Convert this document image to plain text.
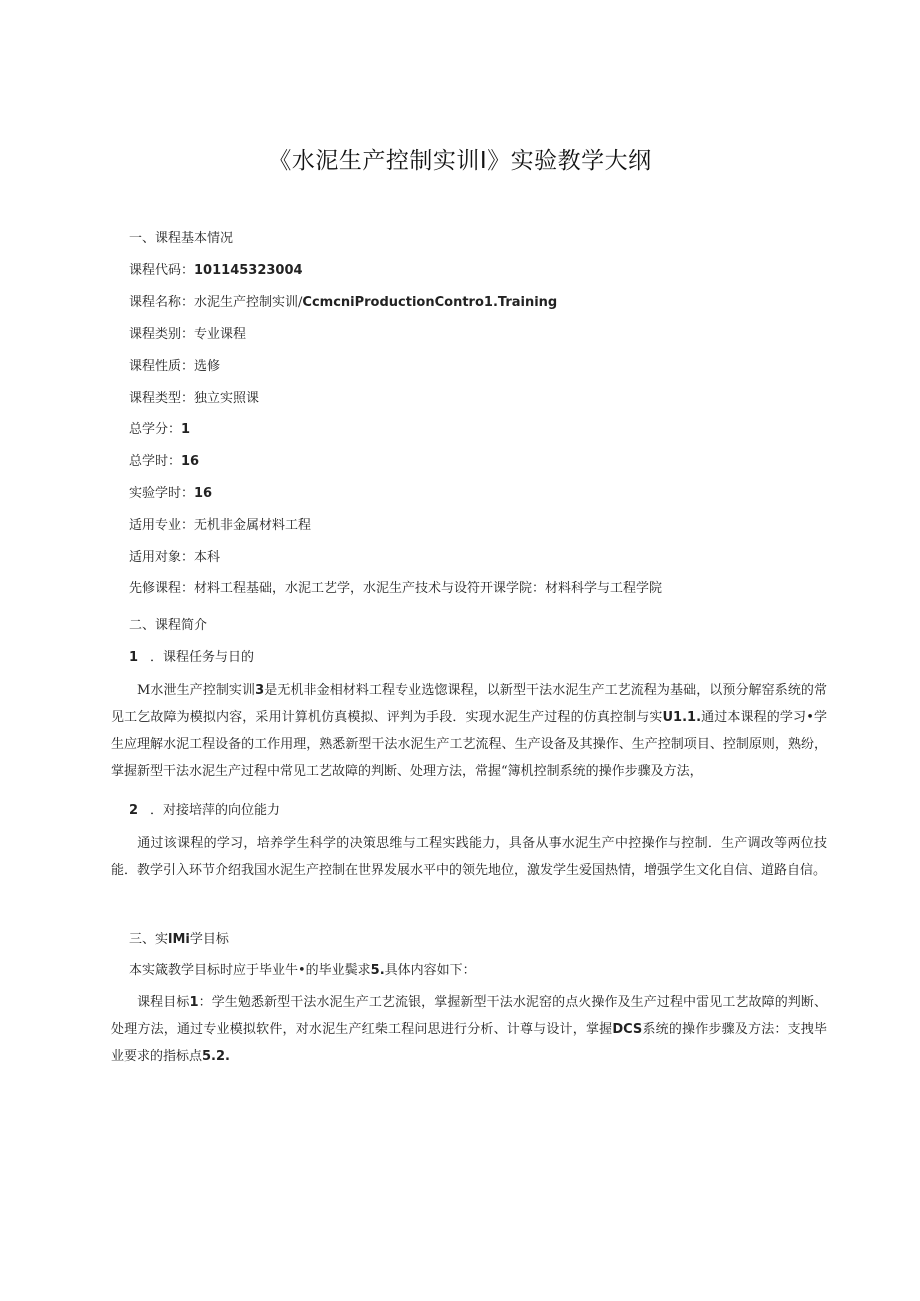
《水泥生产控制实训Ⅰ》实验教学大纲
一、课程基本情况
课程代码：101145323004
课程名称：水泥生产控制实训/CcmcniProductionContro1.Training
课程类别：专业课程
课程性质：选修
课程类型：独立实照课
总学分：1
总学时：16
实验学时：16
适用专业：无机非金属材料工程
适用对象：本科
先修课程：材料工程基础，水泥工艺学，水泥生产技术与设符开课学院：材料科学与工程学院
二、课程简介
1 ．课程任务与日的
M水泄生产控制实训3是无机非金相材料工程专业选惚课程，以新型干法水泥生产工艺流程为基础，以预分解窑系统的常见工乞故障为模拟内容，采用计算机仿真模拟、评判为手段．实现水泥生产过程的仿真控制与实U1.1.通过本课程的学习•学生应理解水泥工程设备的工作用理，熟悉新型干法水泥生产工艺流程、生产设备及其操作、生产控制项目、控制原则，熟纷，掌握新型干法水泥生产过程中常见工艺故障的判断、处理方法，常握“簿机控制系统的操作步骤及方法，
2 ．对接培萍的向位能力
通过该课程的学习，培养学生科学的决策思维与工程实践能力，具备从事水泥生产中控操作与控制．生产调改等两位技能．教学引入环节介绍我国水泥生产控制在世界发展水平中的领先地位，激发学生爱国热情，增强学生文化自信、道路自信。
三、实lMi学目标
本实箴教学目标时应于毕业牛•的毕业鬓求5.具体内容如下：
课程目标1：学生勉悉新型干法水泥生产工艺流银，掌握新型干法水泥窑的点火操作及生产过程中雷见工艺故障的判断、处理方法，通过专业模拟软件，对水泥生产红柴工程问思进行分析、计尊与设计，掌握DCS系统的操作步骤及方法：支拽毕业要求的指标点5.2.
